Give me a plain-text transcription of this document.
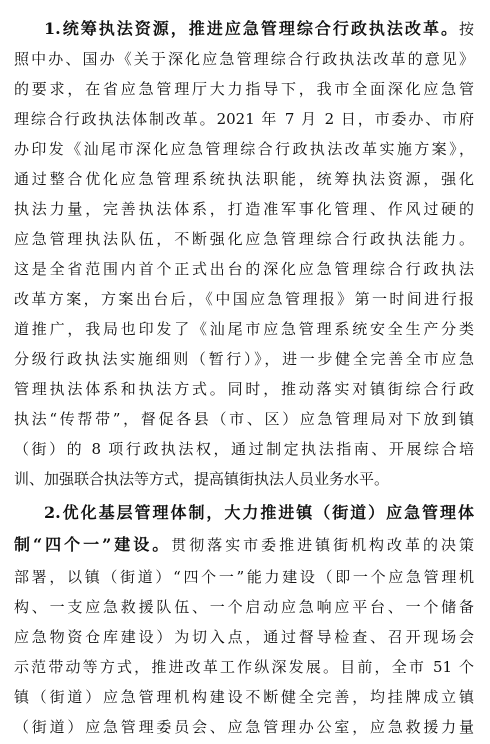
1.统筹执法资源，推进应急管理综合行政执法改革。按
照中办、国办《关于深化应急管理综合行政执法改革的意见》
的要求，在省应急管理厅大力指导下，我市全面深化应急管
理综合行政执法体制改革。2021 年 7 月 2 日，市委办、市府
办印发《汕尾市深化应急管理综合行政执法改革实施方案》，
通过整合优化应急管理系统执法职能，统筹执法资源，强化
执法力量，完善执法体系，打造准军事化管理、作风过硬的
应急管理执法队伍，不断强化应急管理综合行政执法能力。
这是全省范围内首个正式出台的深化应急管理综合行政执法
改革方案，方案出台后，《中国应急管理报》第一时间进行报
道推广，我局也印发了《汕尾市应急管理系统安全生产分类
分级行政执法实施细则（暂行）》，进一步健全完善全市应急
管理执法体系和执法方式。同时，推动落实对镇街综合行政
执法“传帮带”，督促各县（市、区）应急管理局对下放到镇
（街）的 8 项行政执法权，通过制定执法指南、开展综合培
训、加强联合执法等方式，提高镇街执法人员业务水平。
2.优化基层管理体制，大力推进镇（街道）应急管理体
制“四个一”建设。贯彻落实市委推进镇街机构改革的决策
部署，以镇（街道）“四个一”能力建设（即一个应急管理机
构、一支应急救援队伍、一个启动应急响应平台、一个储备
应急物资仓库建设）为切入点，通过督导检查、召开现场会
示范带动等方式，推进改革工作纵深发展。目前，全市 51 个
镇（街道）应急管理机构建设不断健全完善，均挂牌成立镇
（街道）应急管理委员会、应急管理办公室，应急救援力量
